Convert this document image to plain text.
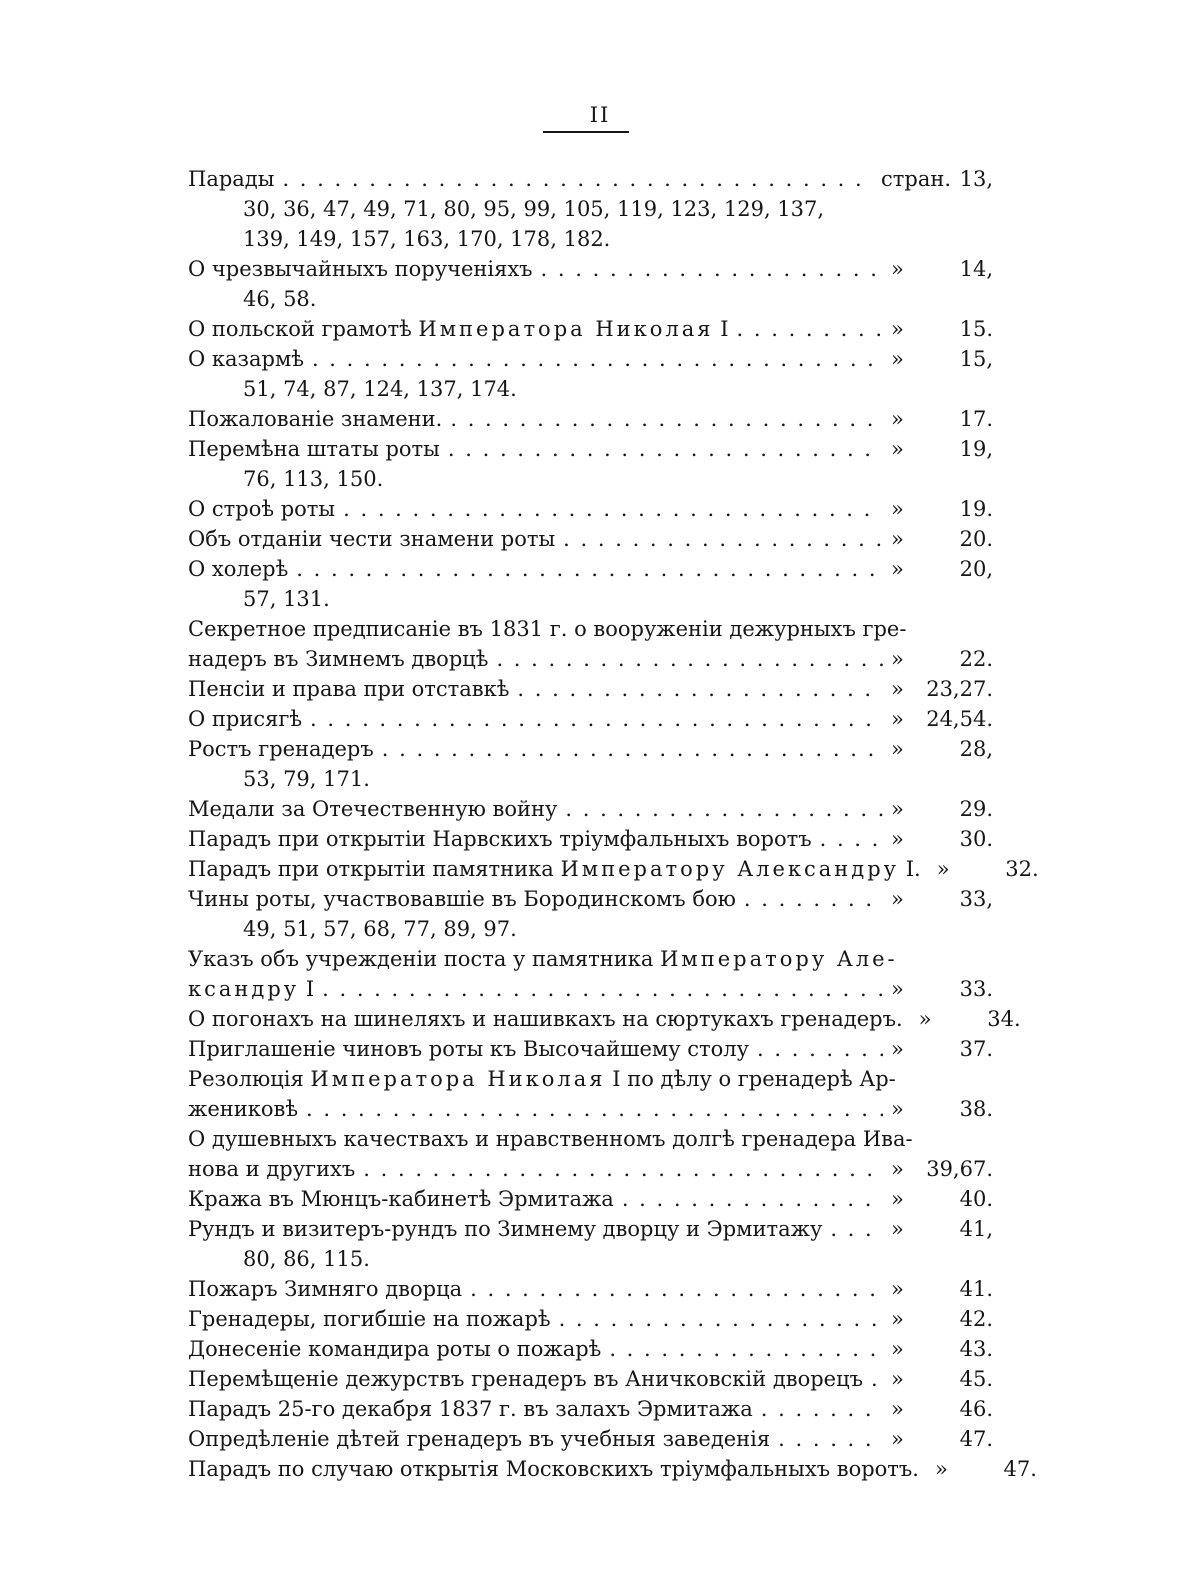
II
Парады . . .	стран. 13,
30, 36, 47, 49, 71, 80, 95, 99, 105, 119, 123, 129, 137,
139, 149, 157, 163, 170, 178, 182.
О чрезвычайныхъ порученiяхъ . . .	»	14,
46, 58.
О польской грамотѣ Императора Николая I . . .	»	15.
О казармѣ . . .	»	15,
51, 74, 87, 124, 137, 174.
Пожалованiе знамени. . . .	»	17.
Перемѣна штаты роты . . .	»	19,
76, 113, 150.
О строѣ роты . . .	»	19.
Объ отданiи чести знамени роты . . .	»	20.
О холерѣ . . .	»	20,
57, 131.
Секретное предписанiе въ 1831 г. о вооруженiи дежурныхъ гре-
надеръ въ Зимнемъ дворцѣ . . .	»	22.
Пенсiи и права при отставкѣ . . .	» 23,27.
О присягѣ . . .	» 24,54.
Ростъ гренадеръ . . .	»	28,
53, 79, 171.
Медали за Отечественную войну . . .	»	29.
Парадъ при открытiи Нарвскихъ трiумфальныхъ воротъ . . .	»	30.
Парадъ при открытiи памятника Императору Александру I. »	32.
Чины роты, участвовавшiе въ Бородинскомъ бою . . .	»	33,
49, 51, 57, 68, 77, 89, 97.
Указъ объ учрежденiи поста у памятника Императору Але-
ксандру I . . .	»	33.
О погонахъ на шинеляхъ и нашивкахъ на сюртукахъ гренадеръ. »	34.
Приглашенiе чиновъ роты къ Высочайшему столу . . .	»	37.
Резолюцiя Императора Николая I по дѣлу о гренадерѣ Ар-
жениковѣ . . .	»	38.
О душевныхъ качествахъ и нравственномъ долгѣ гренадера Ива-
нова и другихъ . . .	» 39,67.
Кража въ Мюнцъ-кабинетѣ Эрмитажа . . .	»	40.
Рундъ и визитеръ-рундъ по Зимнему дворцу и Эрмитажу . . .	»	41,
80, 86, 115.
Пожаръ Зимняго дворца . . .	»	41.
Гренадеры, погибшiе на пожарѣ . . .	»	42.
Донесенiе командира роты о пожарѣ . . .	»	43.
Перемѣщенiе дежурствъ гренадеръ въ Аничковскiй дворецъ . . . »	45.
Парадъ 25-го декабря 1837 г. въ залахъ Эрмитажа . . .	»	46.
Опредѣленiе дѣтей гренадеръ въ учебныя заведенiя . . .	»	47.
Парадъ по случаю открытiя Московскихъ трiумфальныхъ воротъ. »	47.
